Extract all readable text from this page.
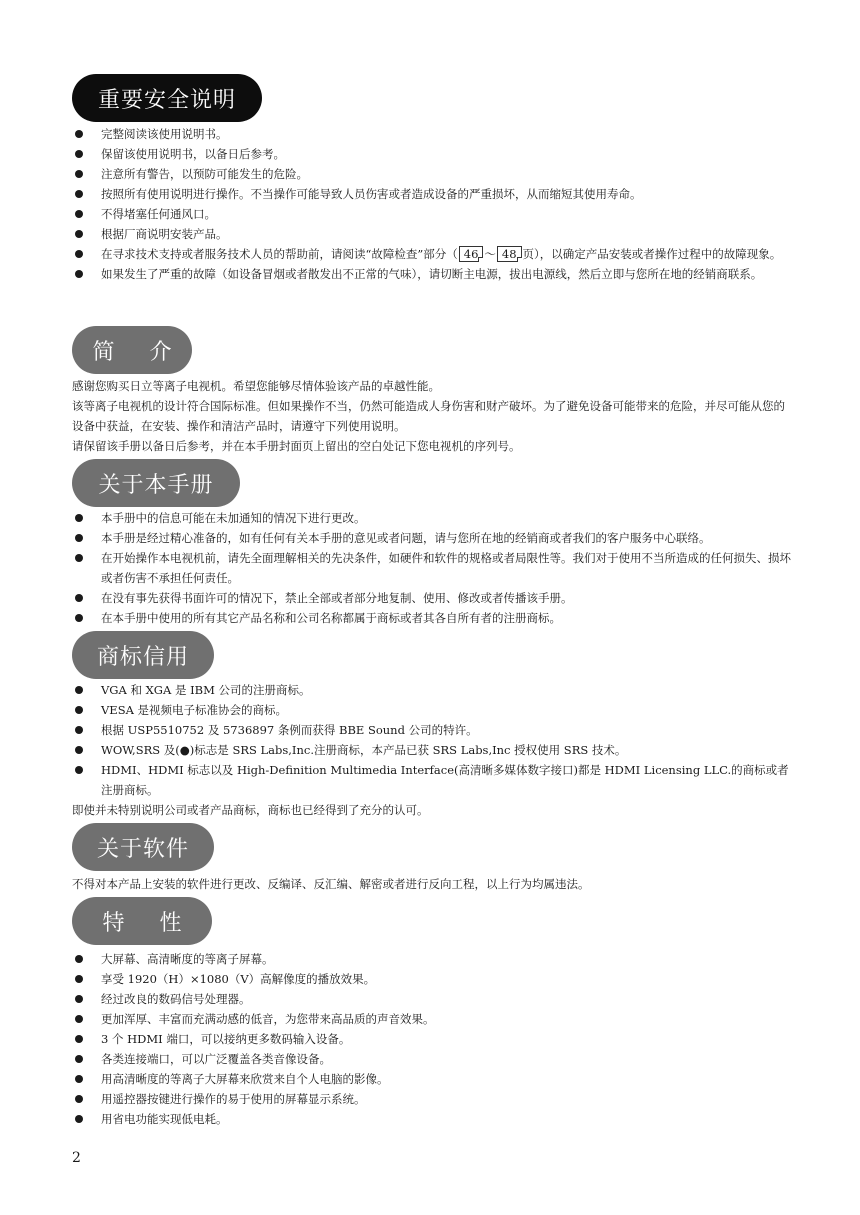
重要安全说明
完整阅读该使用说明书。
保留该使用说明书，以备日后参考。
注意所有警告，以预防可能发生的危险。
按照所有使用说明进行操作。不当操作可能导致人员伤害或者造成设备的严重损坏，从而缩短其使用寿命。
不得堵塞任何通风口。
根据厂商说明安装产品。
在寻求技术支持或者服务技术人员的帮助前，请阅读“故障检查”部分（ 46 ～ 48 页），以确定产品安装或者操作过程中的故障现象。
如果发生了严重的故障（如设备冒烟或者散发出不正常的气味），请切断主电源，拔出电源线，然后立即与您所在地的经销商联系。
简 介

感谢您购买日立等离子电视机。希望您能够尽情体验该产品的卓越性能。

该等离子电视机的设计符合国际标准。但如果操作不当，仍然可能造成人身伤害和财产破坏。为了避免设备可能带来的危险，并尽可能从您的设备中获益，在安装、操作和清洁产品时，请遵守下列使用说明。

请保留该手册以备日后参考，并在本手册封面页上留出的空白处记下您电视机的序列号。

关于本手册
本手册中的信息可能在未加通知的情况下进行更改。
本手册是经过精心准备的，如有任何有关本手册的意见或者问题，请与您所在地的经销商或者我们的客户服务中心联络。
在开始操作本电视机前，请先全面理解相关的先决条件，如硬件和软件的规格或者局限性等。我们对于使用不当所造成的任何损失、损坏或者伤害不承担任何责任。
在没有事先获得书面许可的情况下，禁止全部或者部分地复制、使用、修改或者传播该手册。
在本手册中使用的所有其它产品名称和公司名称都属于商标或者其各自所有者的注册商标。
商标信用
VGA 和 XGA 是 IBM 公司的注册商标。
VESA 是视频电子标准协会的商标。
根据 USP5510752 及 5736897 条例而获得 BBE Sound 公司的特许。
WOW,SRS 及(●)标志是 SRS Labs,Inc.注册商标，本产品已获 SRS Labs,Inc 授权使用 SRS 技术。
HDMI、HDMI 标志以及 High-Definition Multimedia Interface(高清晰多媒体数字接口)都是 HDMI Licensing LLC.的商标或者注册商标。

即使并未特别说明公司或者产品商标，商标也已经得到了充分的认可。

关于软件

不得对本产品上安装的软件进行更改、反编译、反汇编、解密或者进行反向工程，以上行为均属违法。

特 性
大屏幕、高清晰度的等离子屏幕。
享受 1920（H）×1080（V）高解像度的播放效果。
经过改良的数码信号处理器。
更加浑厚、丰富而充满动感的低音，为您带来高品质的声音效果。
3 个 HDMI 端口，可以接纳更多数码输入设备。
各类连接端口，可以广泛覆盖各类音像设备。
用高清晰度的等离子大屏幕来欣赏来自个人电脑的影像。
用遥控器按键进行操作的易于使用的屏幕显示系统。
用省电功能实现低电耗。
2
